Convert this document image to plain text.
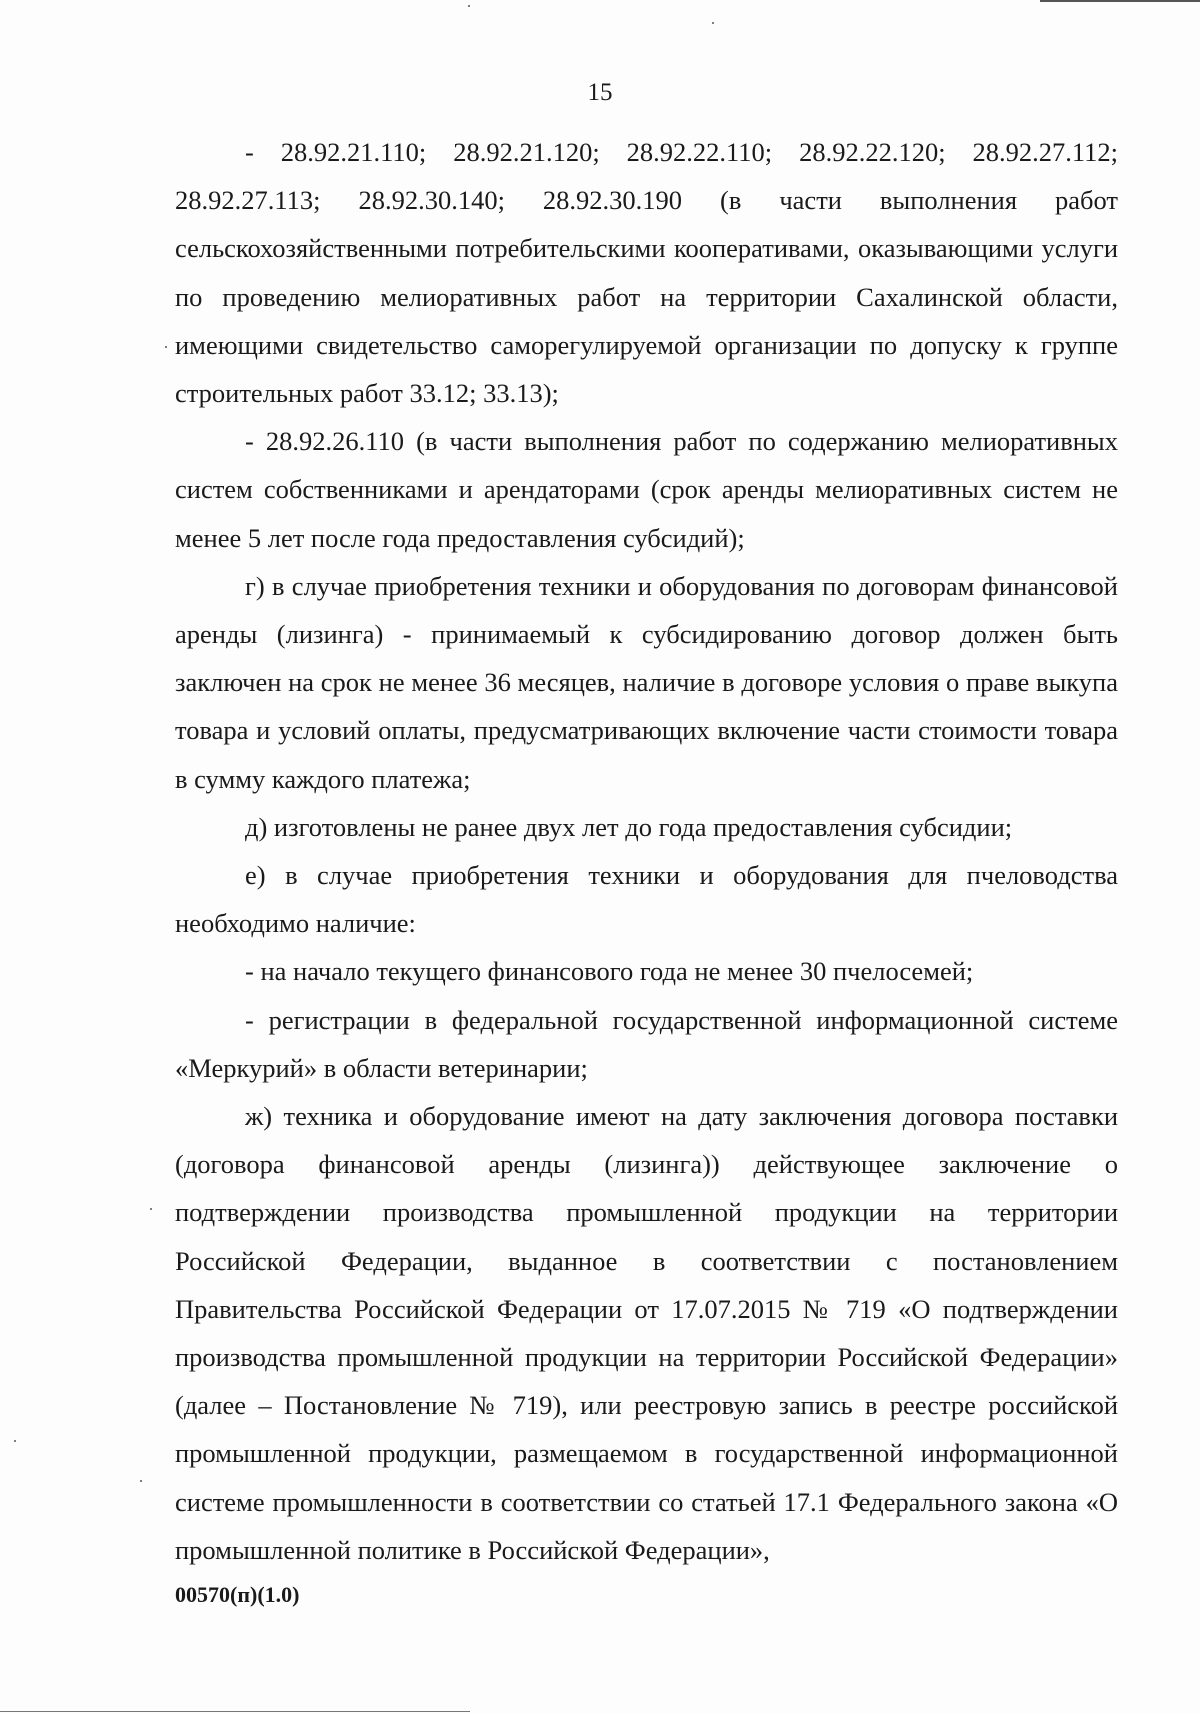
15

- 28.92.21.110; 28.92.21.120; 28.92.22.110; 28.92.22.120; 28.92.27.112; 28.92.27.113; 28.92.30.140; 28.92.30.190 (в части выполнения работ сельскохозяйственными потребительскими кооперативами, оказывающими услуги по проведению мелиоративных работ на территории Сахалинской области, имеющими свидетельство саморегулируемой организации по допуску к группе строительных работ 33.12; 33.13);

- 28.92.26.110 (в части выполнения работ по содержанию мелиоративных систем собственниками и арендаторами (срок аренды мелиоративных систем не менее 5 лет после года предоставления субсидий);

г) в случае приобретения техники и оборудования по договорам финансовой аренды (лизинга) - принимаемый к субсидированию договор должен быть заключен на срок не менее 36 месяцев, наличие в договоре условия о праве выкупа товара и условий оплаты, предусматривающих включение части стоимости товара в сумму каждого платежа;

д) изготовлены не ранее двух лет до года предоставления субсидии;

е) в случае приобретения техники и оборудования для пчеловодства необходимо наличие:

- на начало текущего финансового года не менее 30 пчелосемей;

- регистрации в федеральной государственной информационной системе «Меркурий» в области ветеринарии;

ж) техника и оборудование имеют на дату заключения договора поставки (договора финансовой аренды (лизинга)) действующее заключение о подтверждении производства промышленной продукции на территории Российской Федерации, выданное в соответствии с постановлением Правительства Российской Федерации от 17.07.2015 № 719 «О подтверждении производства промышленной продукции на территории Российской Федерации» (далее – Постановление № 719), или реестровую запись в реестре российской промышленной продукции, размещаемом в государственной информационной системе промышленности в соответствии со статьей 17.1 Федерального закона «О промышленной политике в Российской Федерации»,

00570(п)(1.0)
